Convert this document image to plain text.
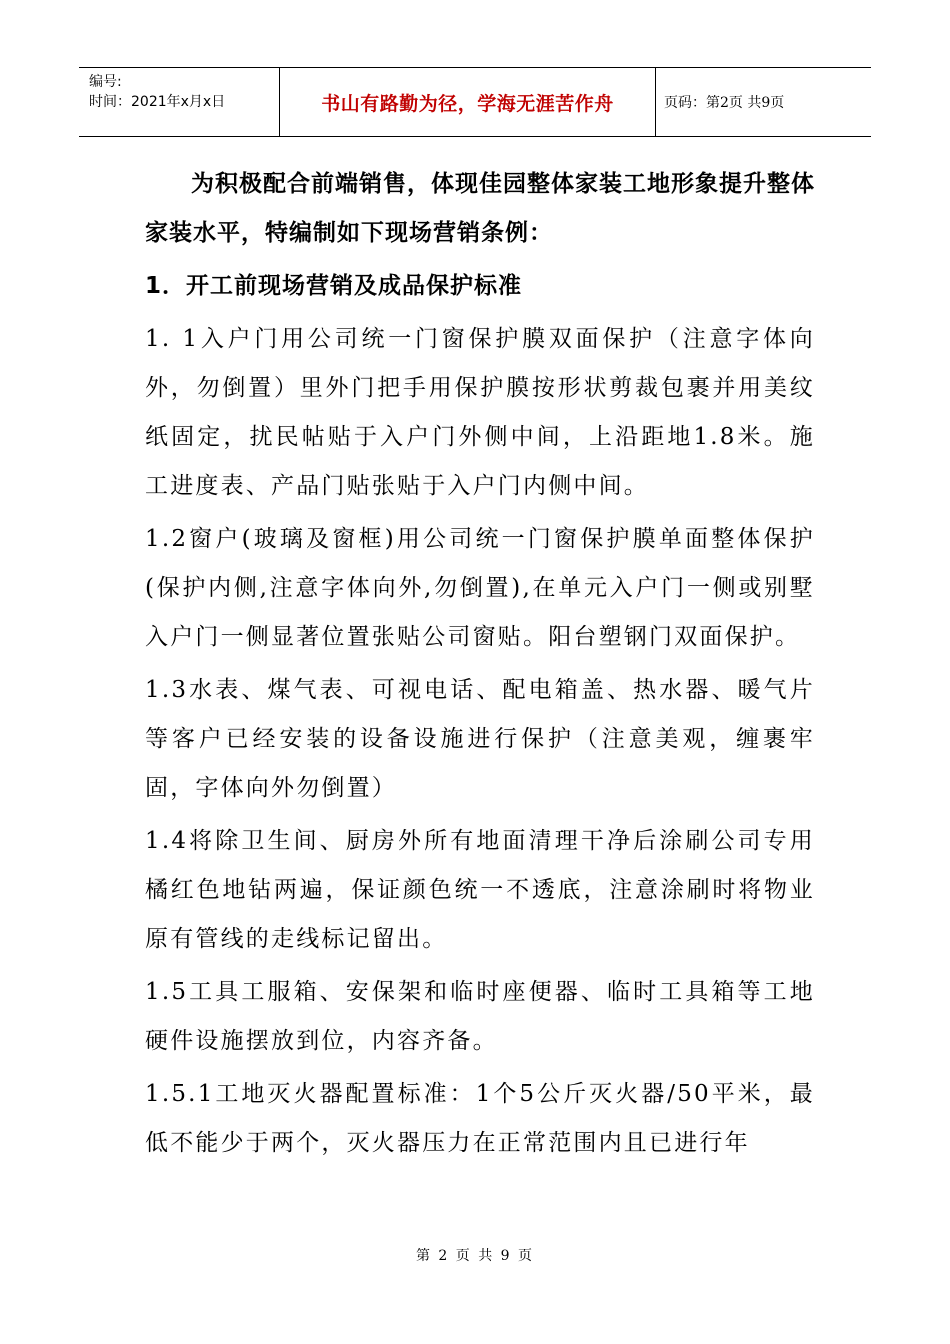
编号:
时间：2021年x月x日	书山有路勤为径，学海无涯苦作舟	页码：第2页 共9页

为积极配合前端销售，体现佳园整体家装工地形象提升整体家装水平，特编制如下现场营销条例：

1．开工前现场营销及成品保护标准

1. 1入户门用公司统一门窗保护膜双面保护（注意字体向外，勿倒置）里外门把手用保护膜按形状剪裁包裹并用美纹纸固定，扰民帖贴于入户门外侧中间，上沿距地1.8米。施工进度表、产品门贴张贴于入户门内侧中间。

1.2窗户(玻璃及窗框)用公司统一门窗保护膜单面整体保护(保护内侧,注意字体向外,勿倒置),在单元入户门一侧或别墅入户门一侧显著位置张贴公司窗贴。阳台塑钢门双面保护。

1.3水表、煤气表、可视电话、配电箱盖、热水器、暖气片等客户已经安装的设备设施进行保护（注意美观，缠裹牢固，字体向外勿倒置）

1.4将除卫生间、厨房外所有地面清理干净后涂刷公司专用橘红色地钻两遍，保证颜色统一不透底，注意涂刷时将物业原有管线的走线标记留出。

1.5工具工服箱、安保架和临时座便器、临时工具箱等工地硬件设施摆放到位，内容齐备。

1.5.1工地灭火器配置标准：1个5公斤灭火器/50平米，最低不能少于两个，灭火器压力在正常范围内且已进行年

第 2 页 共 9 页
